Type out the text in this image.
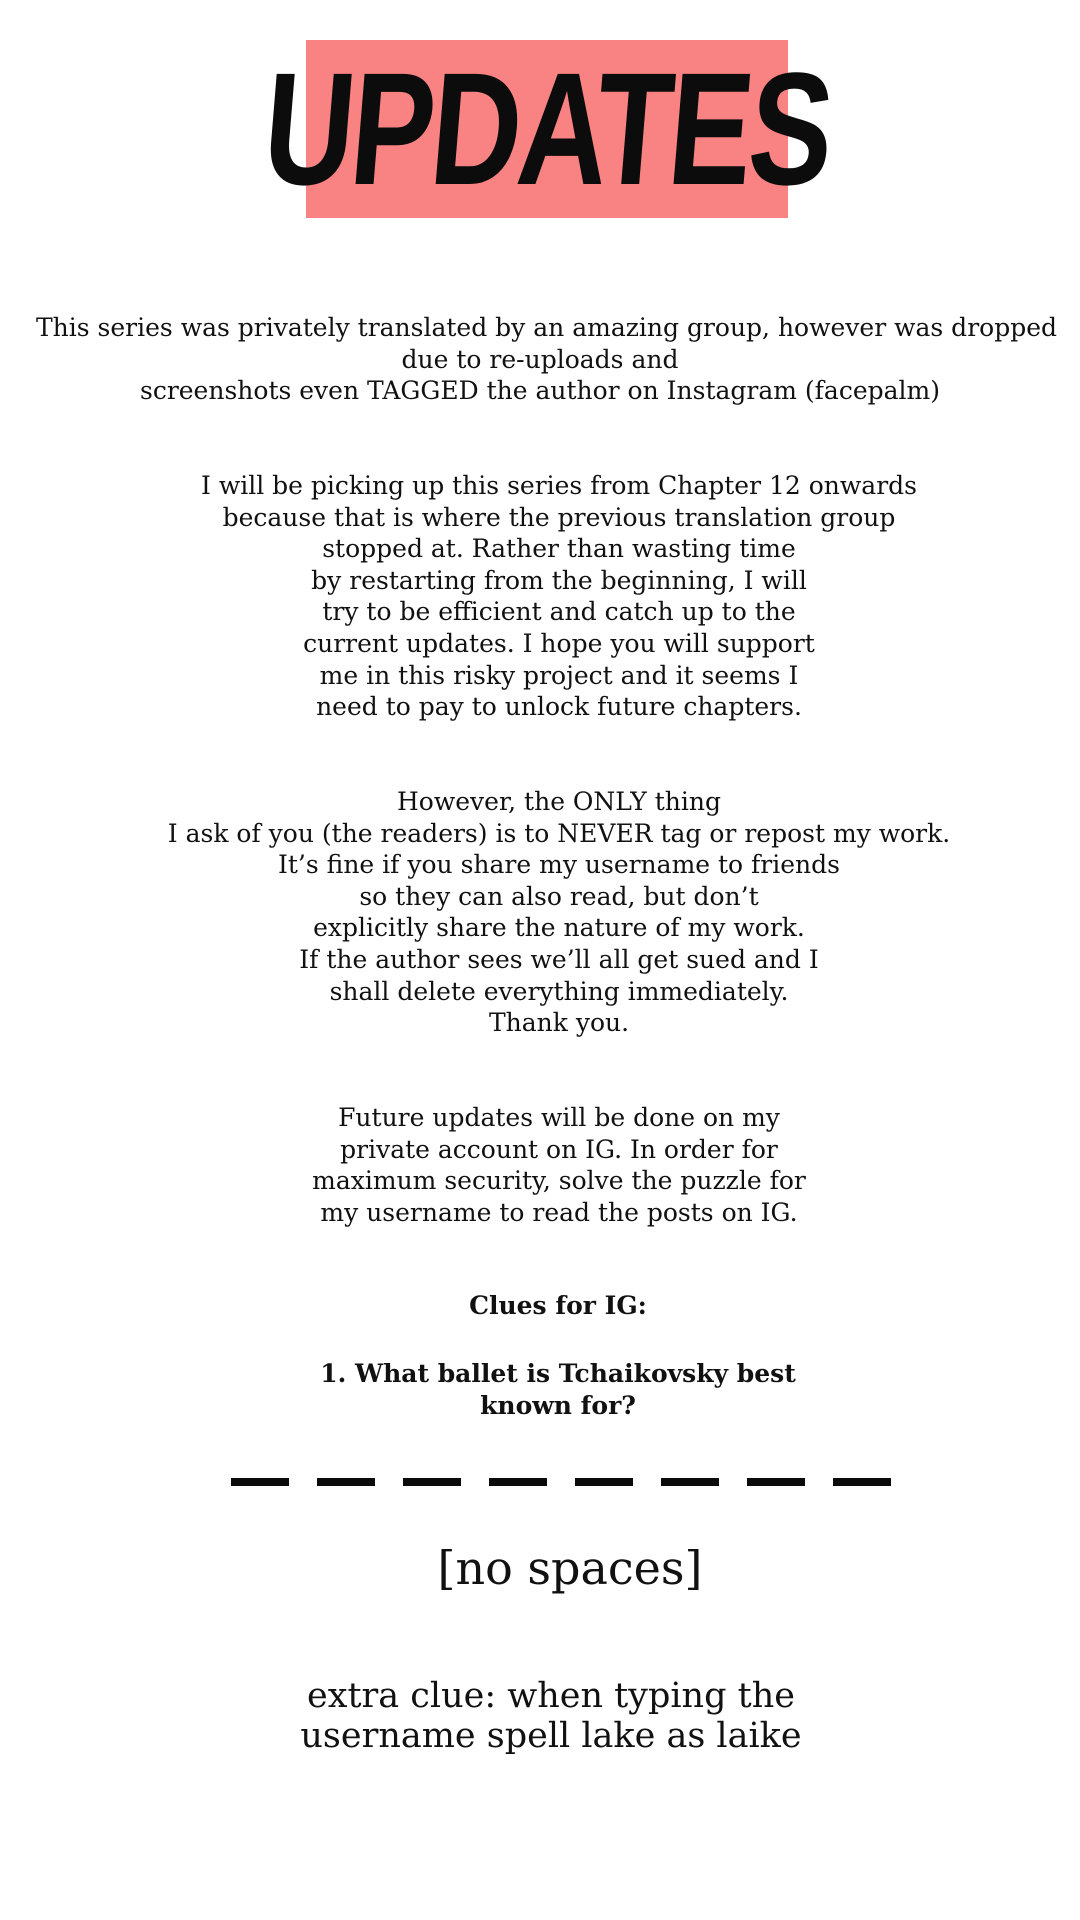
UPDATES
This series was privately translated by an amazing group, however was dropped
due to re-uploads and
screenshots even TAGGED the author on Instagram (facepalm)
I will be picking up this series from Chapter 12 onwards
because that is where the previous translation group
stopped at. Rather than wasting time
by restarting from the beginning, I will
try to be efficient and catch up to the
current updates. I hope you will support
me in this risky project and it seems I
need to pay to unlock future chapters.
However, the ONLY thing
I ask of you (the readers) is to NEVER tag or repost my work.
It’s fine if you share my username to friends
so they can also read, but don’t
explicitly share the nature of my work.
If the author sees we’ll all get sued and I
shall delete everything immediately.
Thank you.
Future updates will be done on my
private account on IG. In order for
maximum security, solve the puzzle for
my username to read the posts on IG.
Clues for IG:
1. What ballet is Tchaikovsky best
known for?
[no spaces]
extra clue: when typing the
username spell lake as laike
